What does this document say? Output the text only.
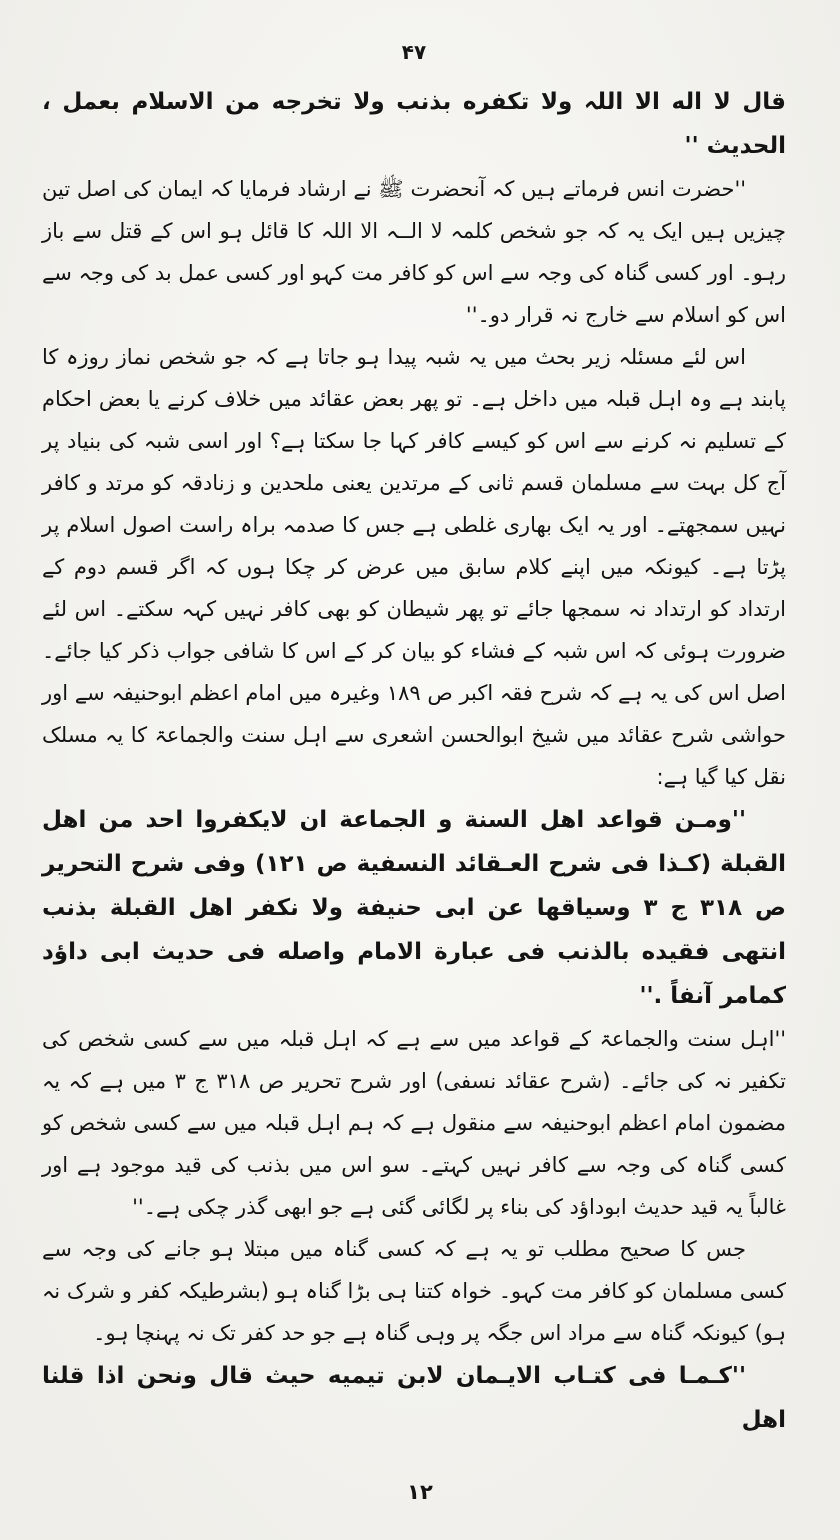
۴۷

قال لا اله الا اللہ ولا تكفره بذنب ولا تخرجه من الاسلام بعمل ، الحديث ''

''حضرت انس فرماتے ہیں کہ آنحضرت ﷺ نے ارشاد فرمایا کہ ایمان کی اصل تین چیزیں ہیں ایک یہ کہ جو شخص کلمہ لا الــہ الا اللہ کا قائل ہو اس کے قتل سے باز رہو۔ اور کسی گناہ کی وجہ سے اس کو کافر مت کہو اور کسی عمل بد کی وجہ سے اس کو اسلام سے خارج نہ قرار دو۔''

اس لئے مسئلہ زیر بحث میں یہ شبہ پیدا ہو جاتا ہے کہ جو شخص نماز روزہ کا پابند ہے وہ اہل قبلہ میں داخل ہے۔ تو پھر بعض عقائد میں خلاف کرنے یا بعض احکام کے تسلیم نہ کرنے سے اس کو کیسے کافر کہا جا سکتا ہے؟ اور اسی شبہ کی بنیاد پر آج کل بہت سے مسلمان قسم ثانی کے مرتدین یعنی ملحدین و زنادقہ کو مرتد و کافر نہیں سمجھتے۔ اور یہ ایک بھاری غلطی ہے جس کا صدمہ براہ راست اصول اسلام پر پڑتا ہے۔ کیونکہ میں اپنے کلام سابق میں عرض کر چکا ہوں کہ اگر قسم دوم کے ارتداد کو ارتداد نہ سمجھا جائے تو پھر شیطان کو بھی کافر نہیں کہہ سکتے۔ اس لئے ضرورت ہوئی کہ اس شبہ کے فشاء کو بیان کر کے اس کا شافی جواب ذکر کیا جائے۔ اصل اس کی یہ ہے کہ شرح فقہ اکبر ص ۱۸۹ وغیرہ میں امام اعظم ابوحنیفہ سے اور حواشی شرح عقائد میں شیخ ابوالحسن اشعری سے اہل سنت والجماعۃ کا یہ مسلک نقل کیا گیا ہے:

''ومـن قواعد اهل السنة و الجماعة ان لايكفروا احد من اهل القبلة (كـذا فى شرح العـقائد النسفية ص ۱۲۱) وفى شرح التحرير ص ۳۱۸ ج ۳ وسياقها عن ابى حنيفة ولا نكفر اهل القبلة بذنب انتهى فقيده بالذنب فى عبارة الامام واصله فى حديث ابى داؤد كمامر آنفاً .''

''اہل سنت والجماعۃ کے قواعد میں سے ہے کہ اہل قبلہ میں سے کسی شخص کی تکفیر نہ کی جائے۔ (شرح عقائد نسفی) اور شرح تحریر ص ۳۱۸ ج ۳ میں ہے کہ یہ مضمون امام اعظم ابوحنیفہ سے منقول ہے کہ ہم اہل قبلہ میں سے کسی شخص کو کسی گناہ کی وجہ سے کافر نہیں کہتے۔ سو اس میں بذنب کی قید موجود ہے اور غالباً یہ قید حدیث ابوداؤد کی بناء پر لگائی گئی ہے جو ابھی گذر چکی ہے۔''

جس کا صحیح مطلب تو یہ ہے کہ کسی گناہ میں مبتلا ہو جانے کی وجہ سے کسی مسلمان کو کافر مت کہو۔ خواہ کتنا ہی بڑا گناہ ہو (بشرطیکہ کفر و شرک نہ ہو) کیونکہ گناہ سے مراد اس جگہ پر وہی گناہ ہے جو حد کفر تک نہ پہنچا ہو۔

''كـمـا فى كتـاب الايـمان لابن تيميه حيث قال ونحن اذا قلنا اهل

۱۲
